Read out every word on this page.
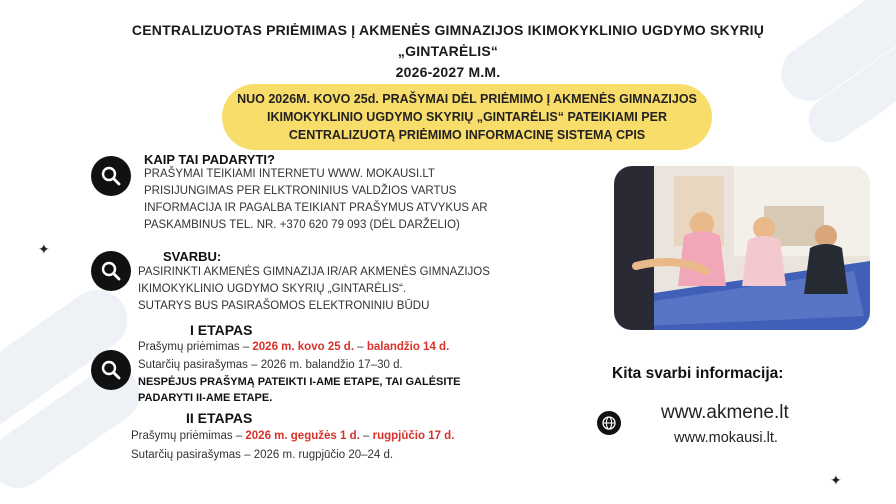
CENTRALIZUOTAS PRIĖMIMAS Į AKMENĖS GIMNAZIJOS IKIMOKYKLINIO UGDYMO SKYRIŲ
„GINTARĖLIS“
2026-2027 M.M.
NUO 2026M. KOVO 25d. PRAŠYMAI DĖL PRIĖMIMO Į AKMENĖS GIMNAZIJOS
IKIMOKYKLINIO UGDYMO SKYRIŲ „GINTARĖLIS“ PATEIKIAMI PER
CENTRALIZUOTĄ PRIĖMIMO INFORMACINĘ SISTEMĄ CPIS
KAIP TAI PADARYTI?
PRAŠYMAI TEIKIAMI INTERNETU WWW. MOKAUSI.LT
PRISIJUNGIMAS PER ELKTRONINIUS VALDŽIOS VARTUS
INFORMACIJA IR PAGALBA TEIKIANT PRAŠYMUS ATVYKUS AR
PASKAMBINUS TEL. NR. +370 620 79 093 (DĖL DARŽELIO)
SVARBU:
PASIRINKTI AKMENĖS GIMNAZIJA IR/AR AKMENĖS GIMNAZIJOS
IKIMOKYKLINIO UGDYMO SKYRIŲ „GINTARĖLIS“.
SUTARYS BUS PASIRAŠOMOS ELEKTRONINIU BŪDU
I ETAPAS
Prašymų priėmimas – 2026 m. kovo 25 d. – balandžio 14 d.
Sutarčių pasirašymas – 2026 m. balandžio 17–30 d.
NESPĖJUS PRAŠYMĄ PATEIKTI I-AME ETAPE, TAI GALĖSITE
PADARYTI II-AME ETAPE.
II ETAPAS
Prašymų priėmimas – 2026 m. gegužės 1 d. – rugpjūčio 17 d.
Sutarčių pasirašymas – 2026 m. rugpjūčio 20–24 d.
Kita svarbi informacija:
www.akmene.lt
www.mokausi.lt.
✦
✦
